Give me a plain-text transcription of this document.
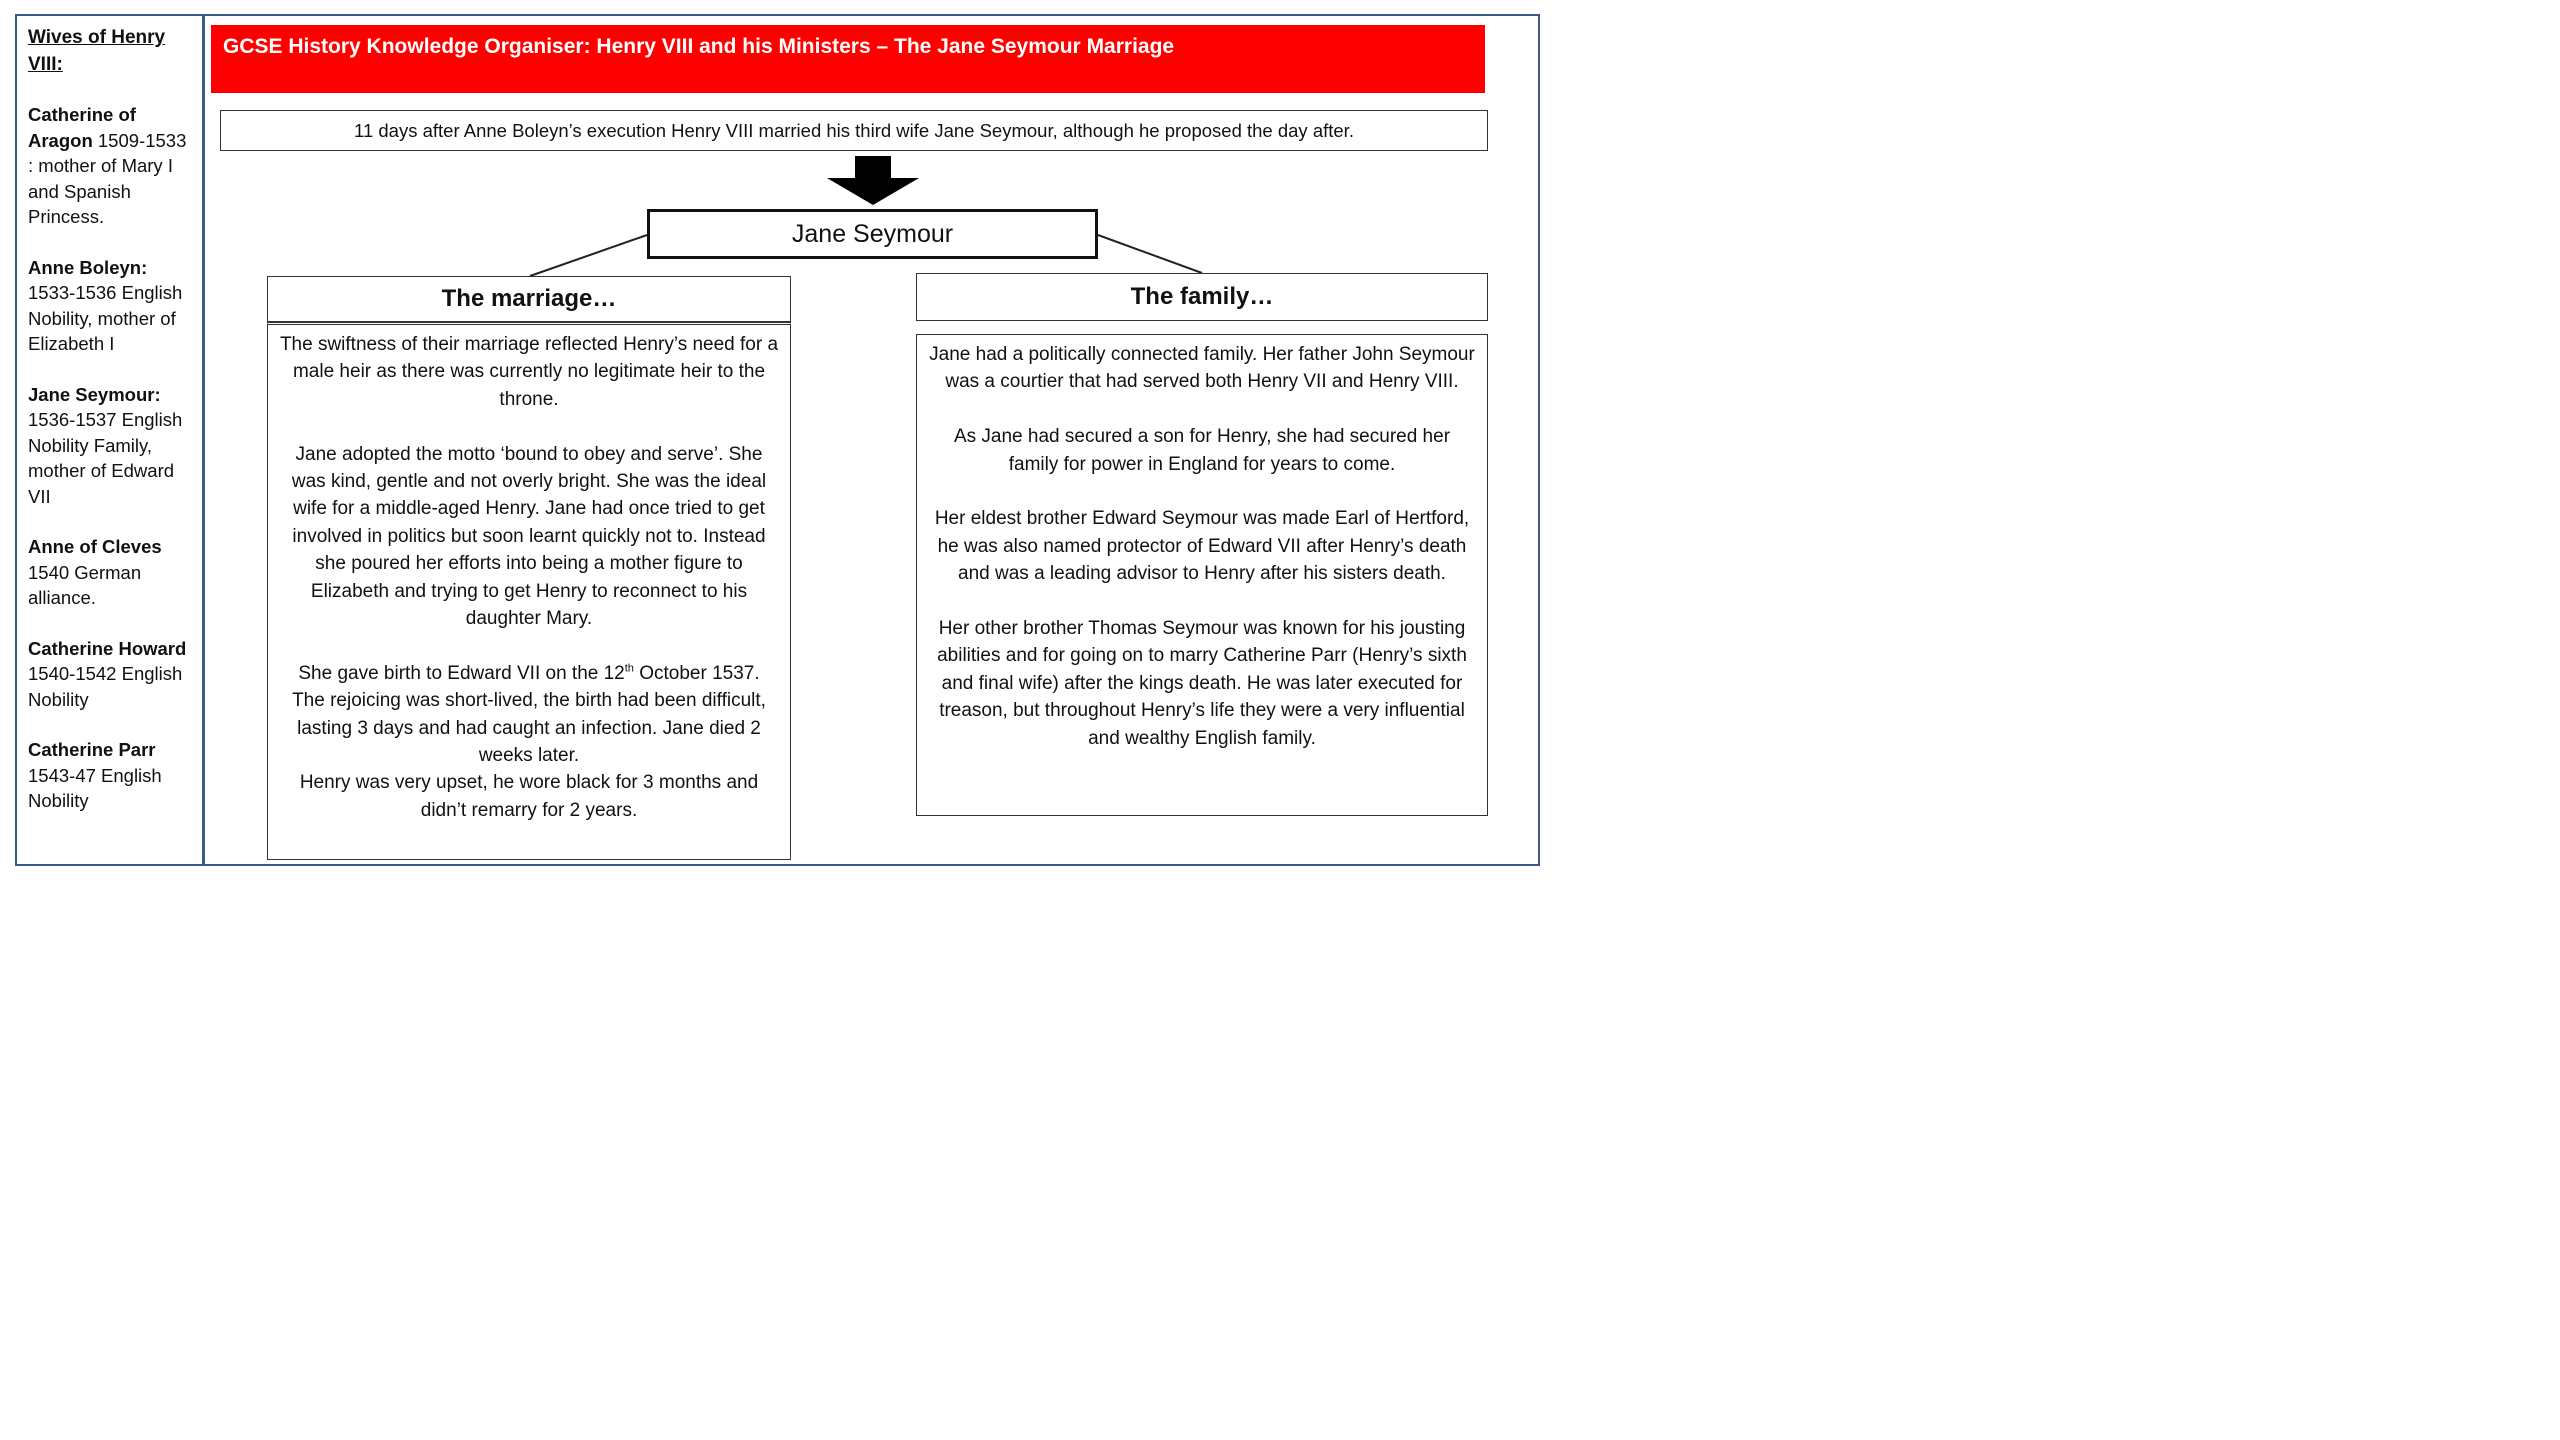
Wives of Henry VIII:
Catherine of Aragon 1509-1533 : mother of Mary I and Spanish Princess.
Anne Boleyn: 1533-1536 English Nobility, mother of Elizabeth I
Jane Seymour: 1536-1537 English Nobility Family, mother of Edward VII
Anne of Cleves 1540 German alliance.
Catherine Howard 1540-1542 English Nobility
Catherine Parr 1543-47 English Nobility
GCSE History Knowledge Organiser: Henry VIII and his Ministers – The Jane Seymour Marriage
11 days after Anne Boleyn’s execution Henry VIII married his third wife Jane Seymour, although he proposed the day after.
Jane Seymour
The marriage…
The swiftness of their marriage reflected Henry’s need for a male heir as there was currently no legitimate heir to the throne.
Jane adopted the motto ‘bound to obey and serve’. She was kind, gentle and not overly bright. She was the ideal wife for a middle-aged Henry. Jane had once tried to get involved in politics but soon learnt quickly not to. Instead she poured her efforts into being a mother figure to Elizabeth and trying to get Henry to reconnect to his daughter Mary.
She gave birth to Edward VII on the 12th October 1537.
The rejoicing was short-lived, the birth had been difficult, lasting 3 days and had caught an infection. Jane died 2 weeks later.
Henry was very upset, he wore black for 3 months and didn’t remarry for 2 years.
The family…
Jane had a politically connected family. Her father John Seymour was a courtier that had served both Henry VII and Henry VIII.
As Jane had secured a son for Henry, she had secured her family for power in England for years to come.
Her eldest brother Edward Seymour was made Earl of Hertford, he was also named protector of Edward VII after Henry’s death and was a leading advisor to Henry after his sisters death.
Her other brother Thomas Seymour was known for his jousting abilities and for going on to marry Catherine Parr (Henry’s sixth and final wife) after the kings death. He was later executed for treason, but throughout Henry’s life they were a very influential and wealthy English family.
